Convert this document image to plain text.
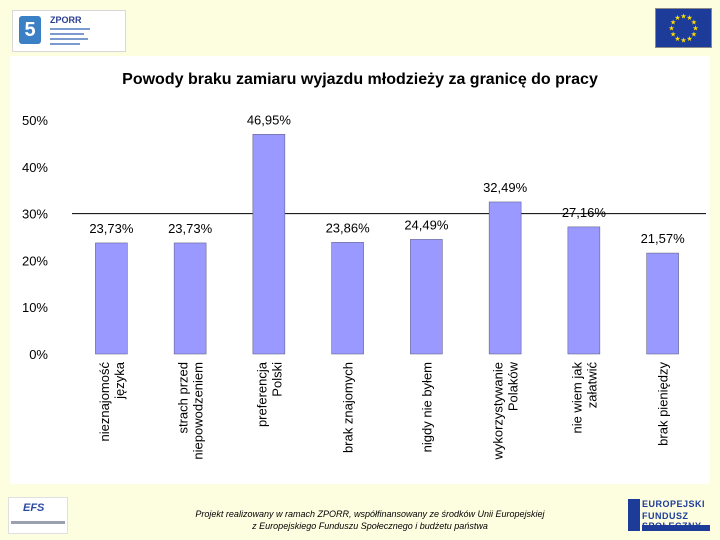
5	ZPORR	★ ★
★
★
★
★
★
★
★
★
★
★
Powody braku zamiaru wyjazdu młodzieży za granicę do pracy
0%
10%
20%
30%
40%
50%
23,73%
nieznajomość języka
23,73%
strach przed niepowodzeniem
46,95%
preferencja Polski
23,86%
brak znajomych
24,49%
nigdy nie byłem
32,49%
wykorzystywanie Polaków
27,16%
nie wiem jak załatwić
21,57%
brak pieniędzy
EFS	Projekt realizowany w ramach ZPORR, współfinansowany ze środków Unii Europejskiej
z Europejskiego Funduszu Społecznego i budżetu państwa
EUROPEJSKI
FUNDUSZ
